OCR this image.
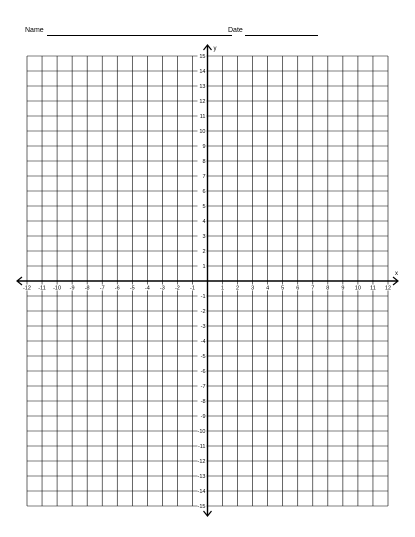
Name	Date
-12 -11 -10 -9 -8 -7 -6 -5 -4 -3 -2 -1	1 2 3 4 5 6 7 8 9 10 11 12
15
14
13
12
11
10
9
8
7
6
5
4
3
2
1
-1
-2
-3
-4
-5
-6
-7
-8
-9
-10
-11
-12
-13
-14
-15
x
y
